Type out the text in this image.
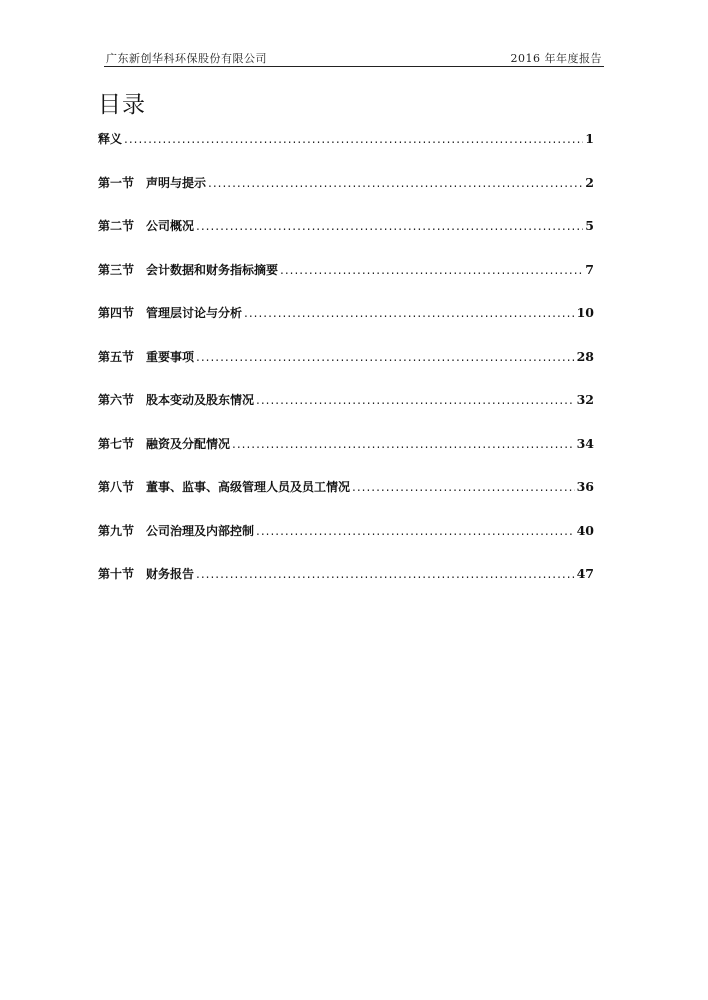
广东新创华科环保股份有限公司	2016 年年度报告
目录
释义 .....	1
第一节 声明与提示 .....	2
第二节 公司概况 .....	5
第三节 会计数据和财务指标摘要 .....	7
第四节 管理层讨论与分析 .....	10
第五节 重要事项 .....	28
第六节 股本变动及股东情况 .....	32
第七节 融资及分配情况 .....	34
第八节 董事、监事、高级管理人员及员工情况 .....	36
第九节 公司治理及内部控制 .....	40
第十节 财务报告 .....	47
